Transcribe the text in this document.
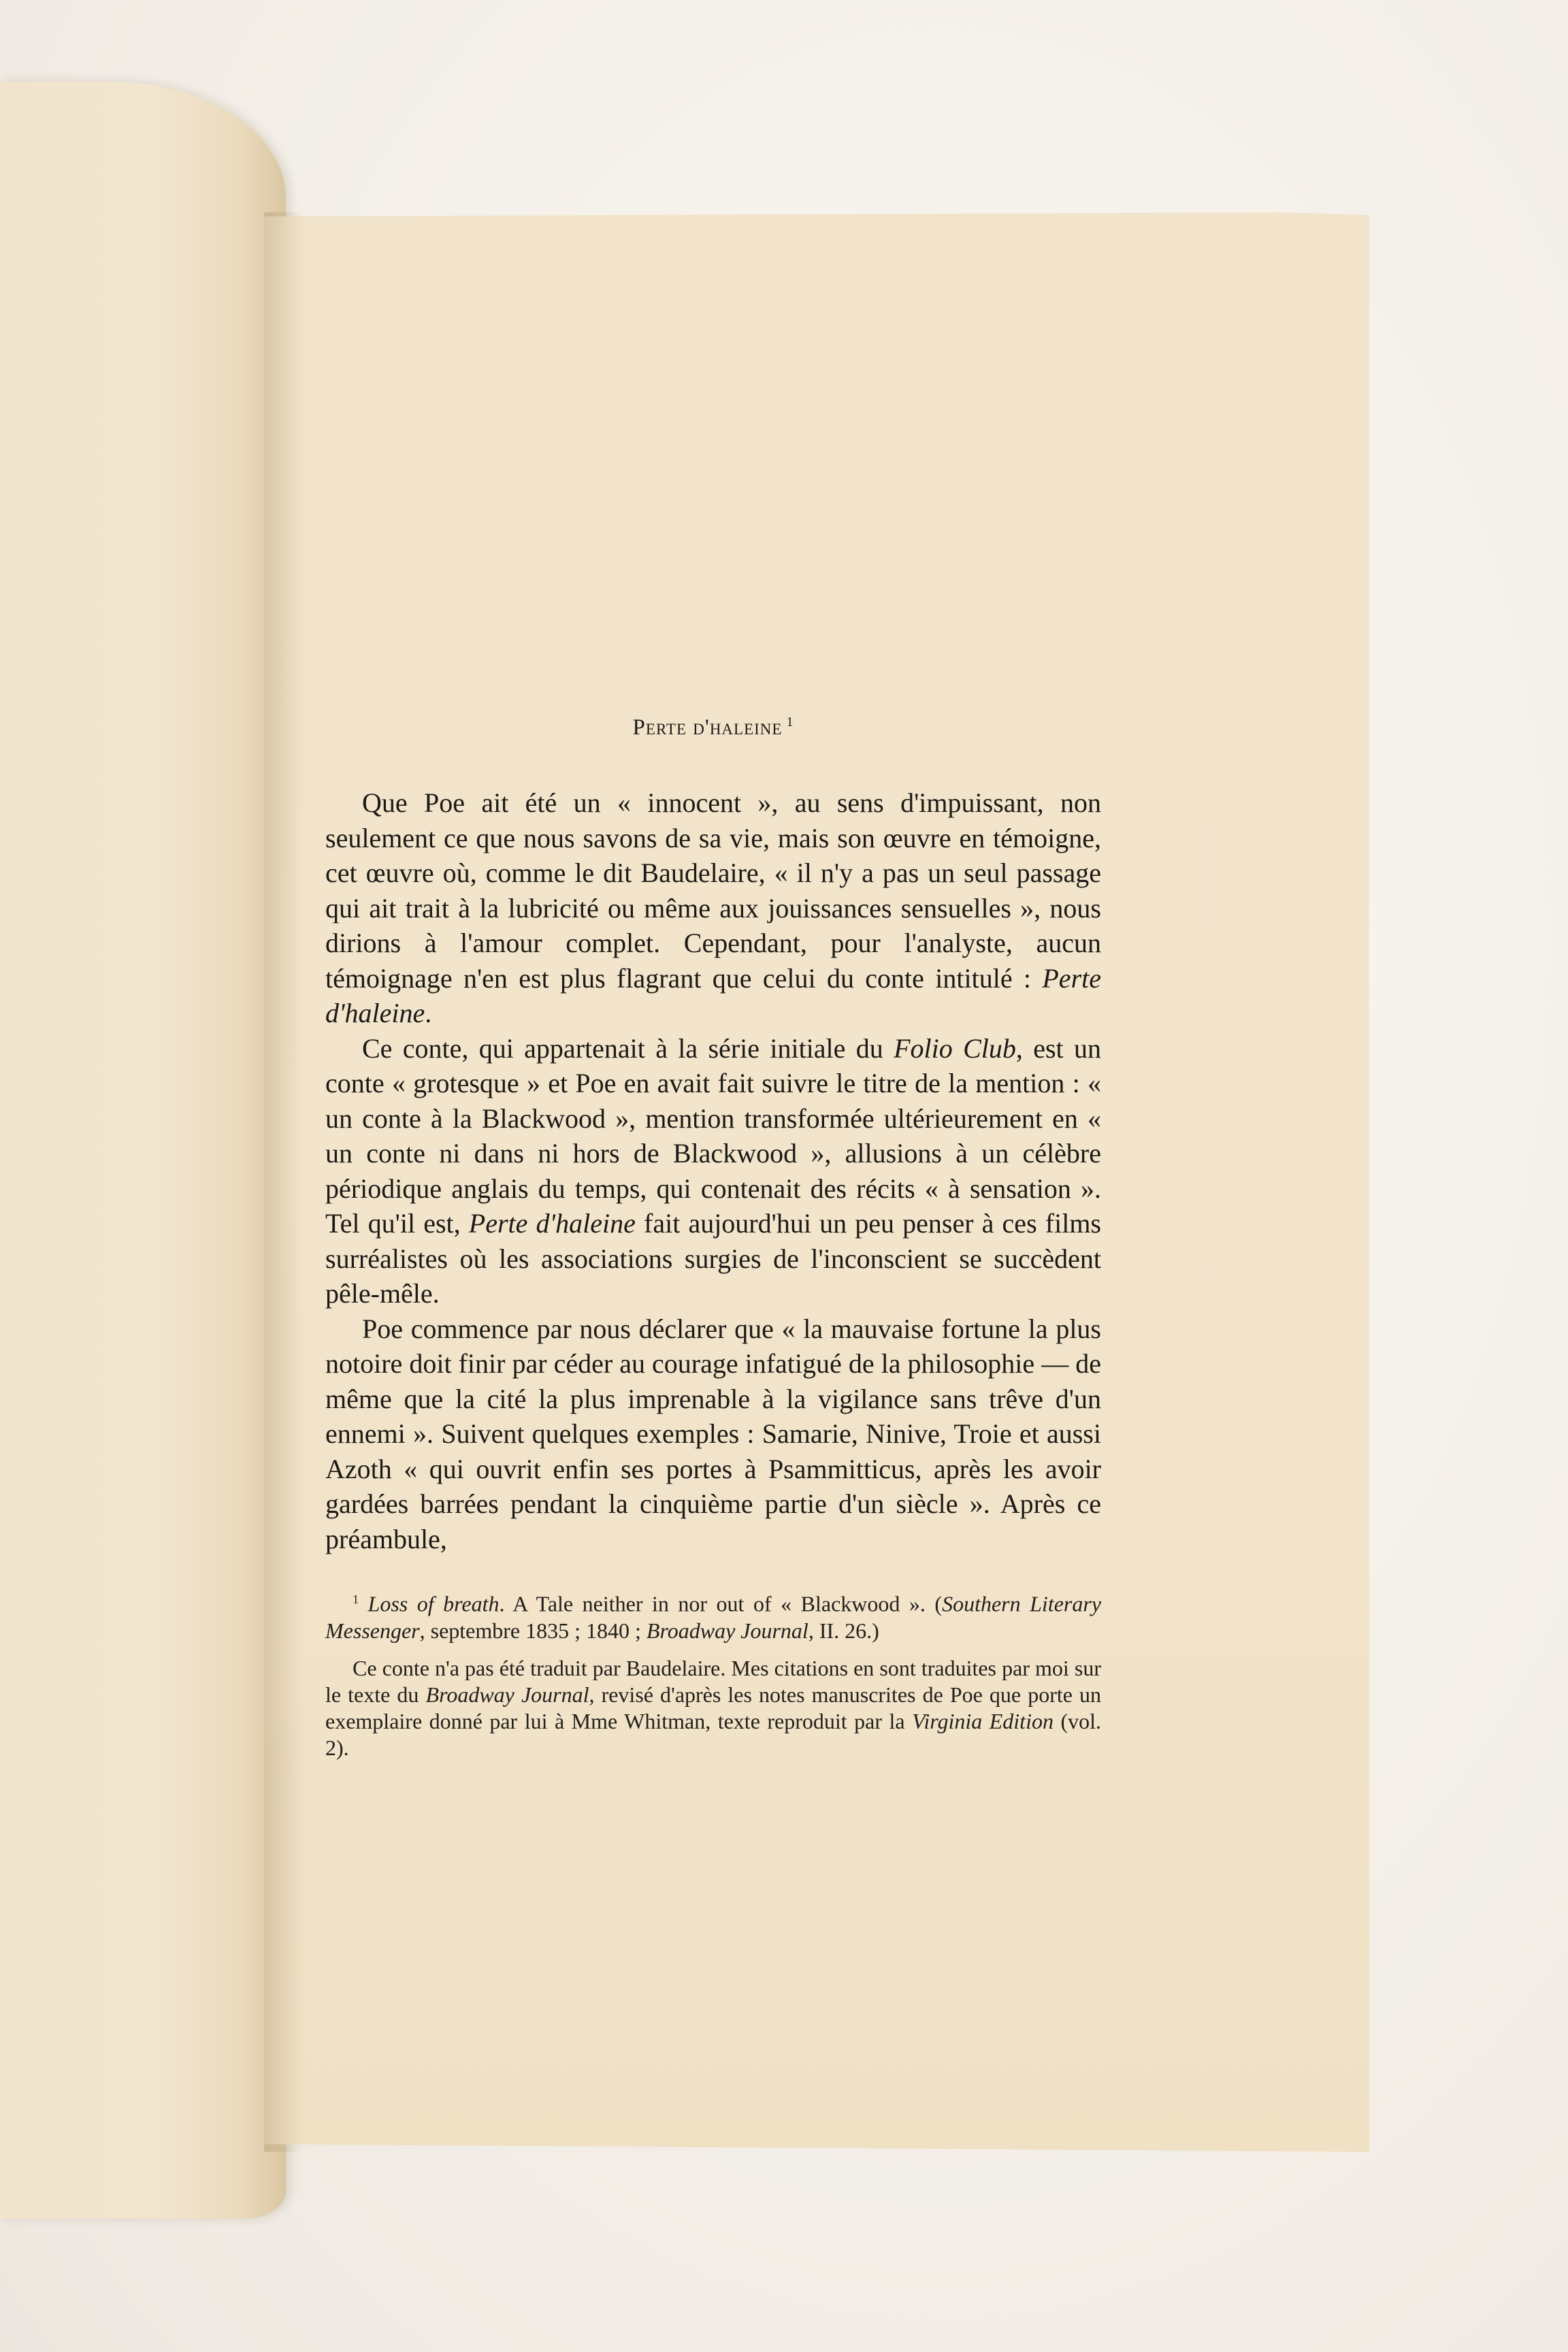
Perte d'haleine $^1$

Que Poe ait été un « innocent », au sens d'impuissant, non seulement ce que nous savons de sa vie, mais son œuvre en témoigne, cet œuvre où, comme le dit Baudelaire, « il n'y a pas un seul passage qui ait trait à la lubricité ou même aux jouissances sensuelles », nous dirions à l'amour complet. Cependant, pour l'analyste, aucun témoignage n'en est plus flagrant que celui du conte intitulé : Perte d'haleine.

Ce conte, qui appartenait à la série initiale du Folio Club, est un conte « grotesque » et Poe en avait fait suivre le titre de la mention : « un conte à la Blackwood », mention transformée ultérieurement en « un conte ni dans ni hors de Blackwood », allusions à un célèbre périodique anglais du temps, qui contenait des récits « à sensation ». Tel qu'il est, Perte d'haleine fait aujourd'hui un peu penser à ces films surréalistes où les associations surgies de l'inconscient se succèdent pêle-mêle.

Poe commence par nous déclarer que « la mauvaise fortune la plus notoire doit finir par céder au courage infatigué de la philosophie — de même que la cité la plus imprenable à la vigilance sans trêve d'un ennemi ». Suivent quelques exemples : Samarie, Ninive, Troie et aussi Azoth « qui ouvrit enfin ses portes à Psammitticus, après les avoir gardées barrées pendant la cinquième partie d'un siècle ». Après ce préambule,

$^1$ Loss of breath. A Tale neither in nor out of « Blackwood ». (Southern Literary Messenger, septembre 1835 ; 1840 ; Broadway Journal, II. 26.)

Ce conte n'a pas été traduit par Baudelaire. Mes citations en sont traduites par moi sur le texte du Broadway Journal, revisé d'après les notes manuscrites de Poe que porte un exemplaire donné par lui à Mme Whitman, texte reproduit par la Virginia Edition (vol. 2).
